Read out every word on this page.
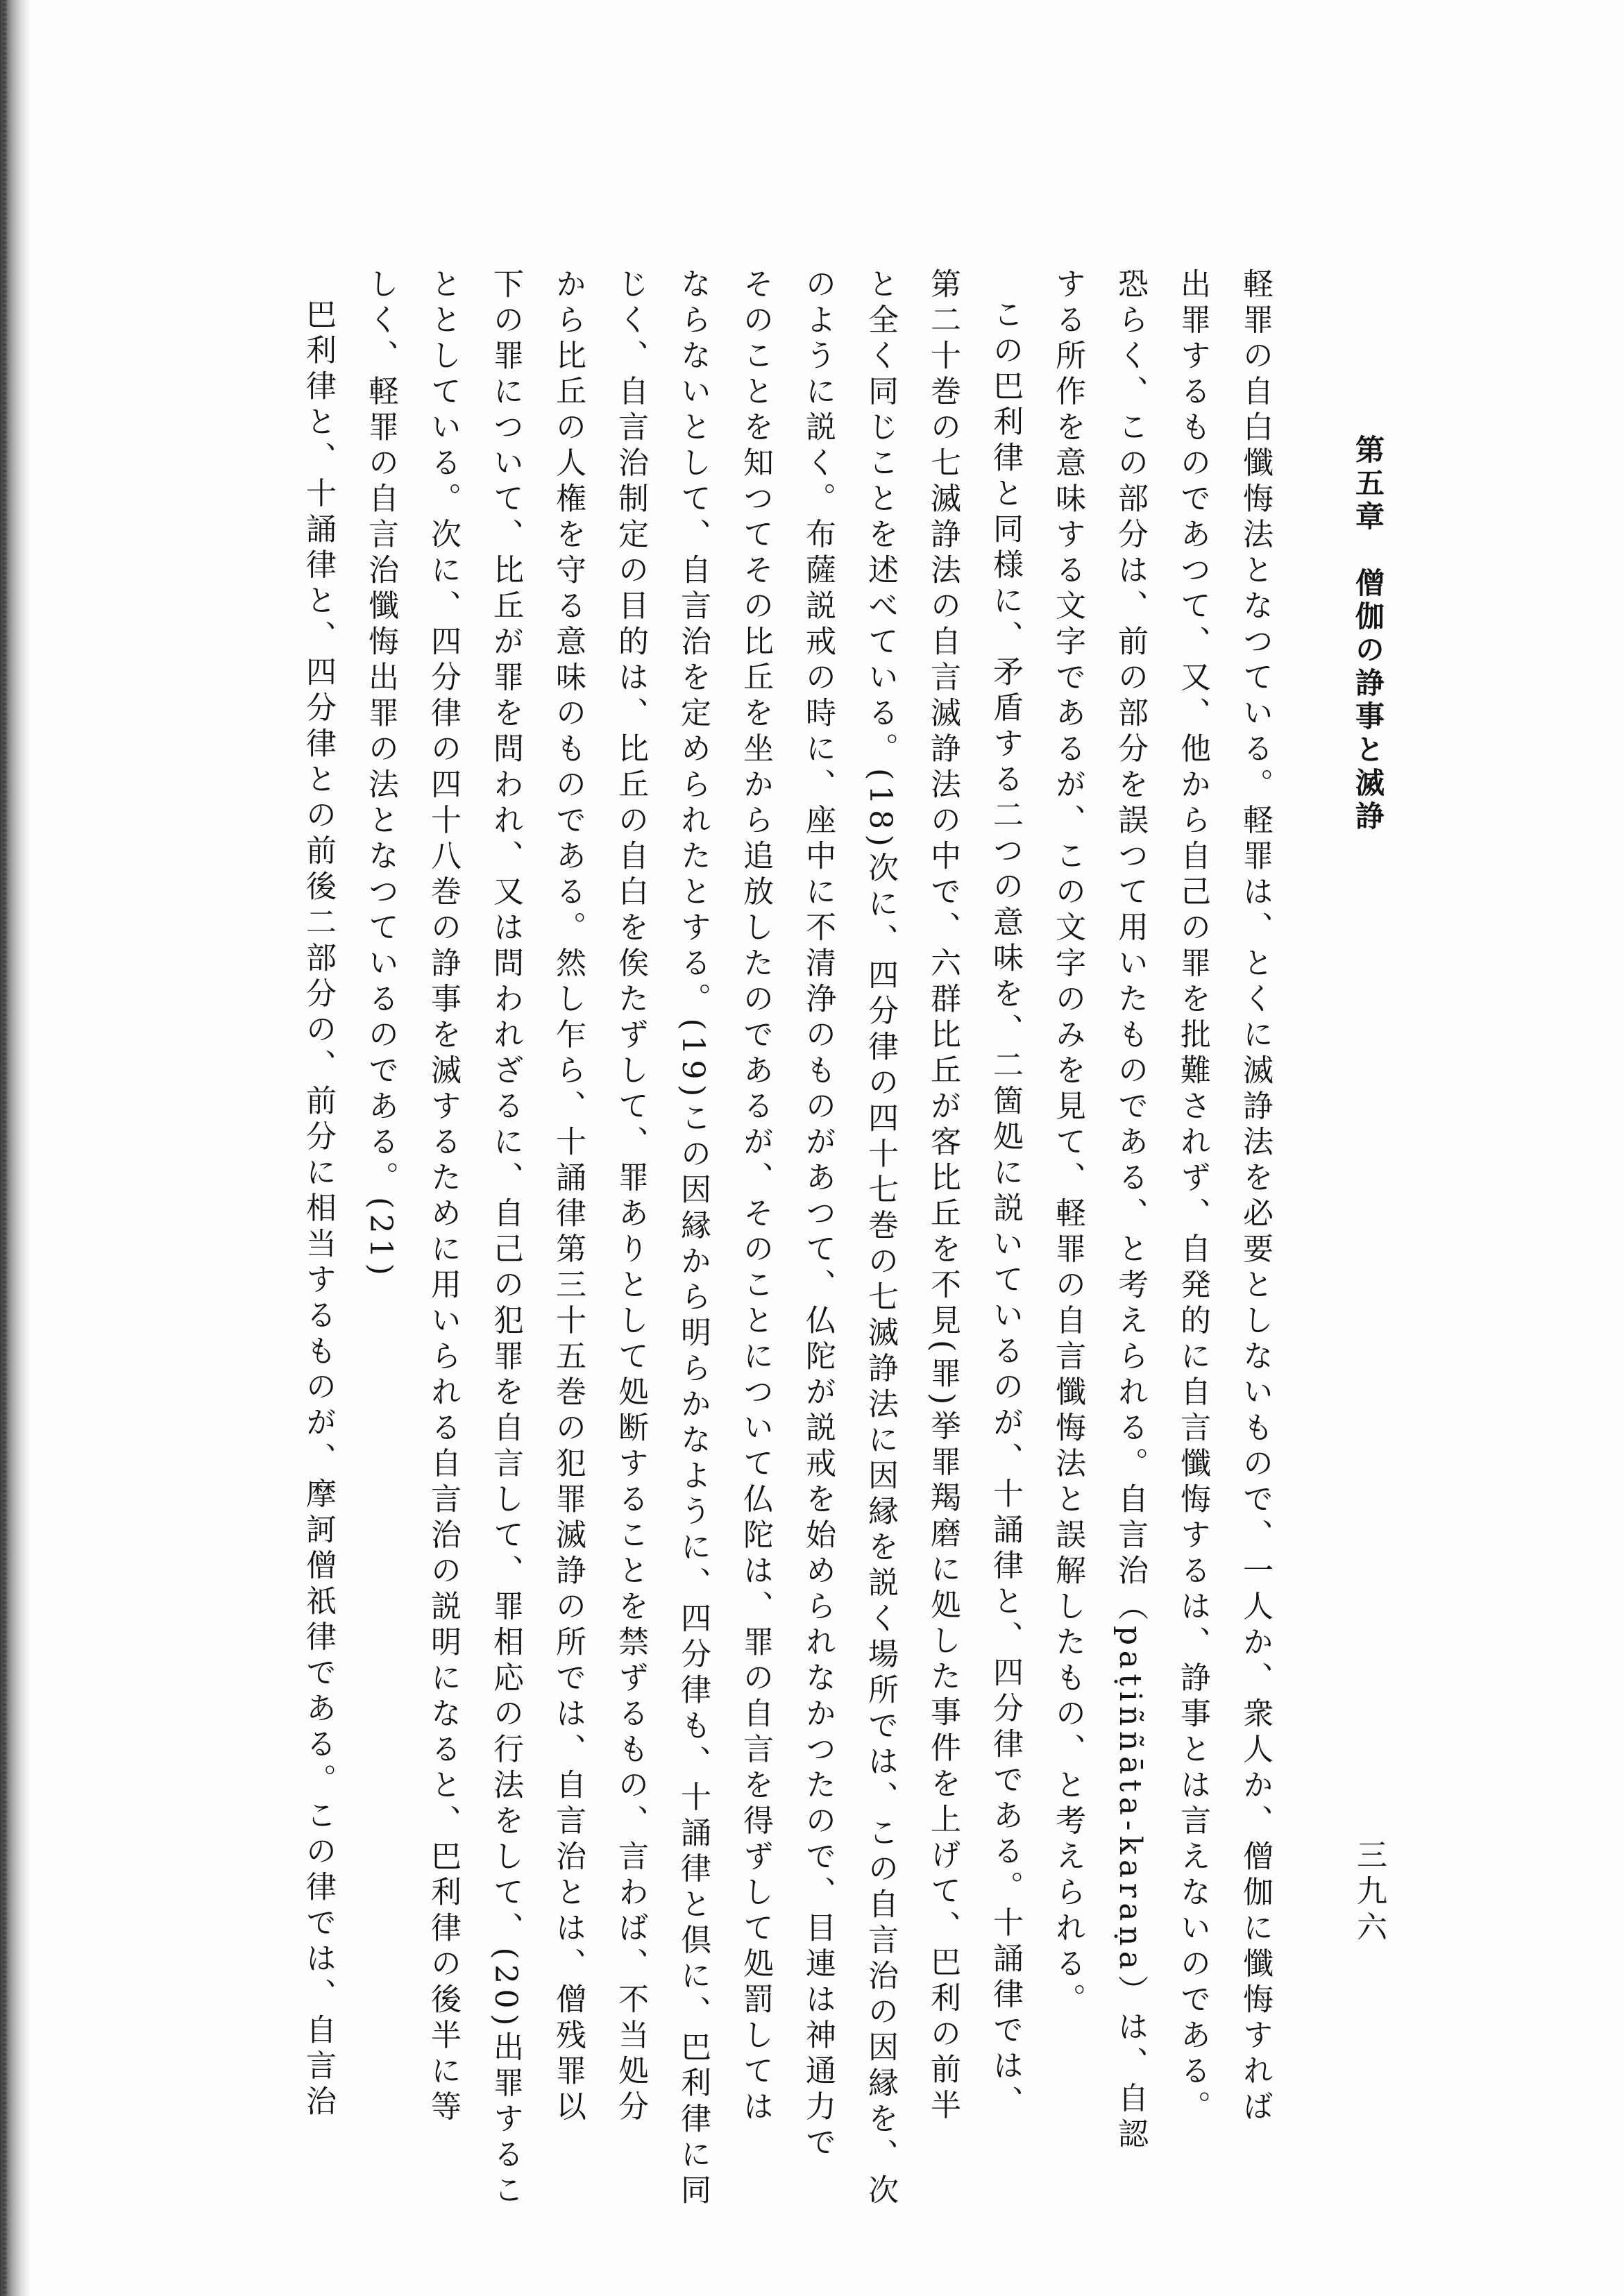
三九六

第五章　僧伽の諍事と滅諍

軽罪の自白懺悔法となつている。軽罪は、とくに滅諍法を必要としないもので、一人か、衆人か、僧伽に懺悔すれば

出罪するものであつて、又、他から自己の罪を批難されず、自発的に自言懺悔するは、諍事とは言えないのである。

恐らく、この部分は、前の部分を誤つて用いたものである、と考えられる。自言治（paṭiññāta-karaṇa）は、自認

する所作を意味する文字であるが、この文字のみを見て、軽罪の自言懺悔法と誤解したもの、と考えられる。

この巴利律と同様に、矛盾する二つの意味を、二箇処に説いているのが、十誦律と、四分律である。十誦律では、

第二十巻の七滅諍法の自言滅諍法の中で、六群比丘が客比丘を不見(罪)挙罪羯磨に処した事件を上げて、巴利の前半

と全く同じことを述べている。(18)次に、四分律の四十七巻の七滅諍法に因縁を説く場所では、この自言治の因縁を、次

のように説く。布薩説戒の時に、座中に不清浄のものがあつて、仏陀が説戒を始められなかつたので、目連は神通力で

そのことを知つてその比丘を坐から追放したのであるが、そのことについて仏陀は、罪の自言を得ずして処罰しては

ならないとして、自言治を定められたとする。(19)この因縁から明らかなように、四分律も、十誦律と倶に、巴利律に同

じく、自言治制定の目的は、比丘の自白を俟たずして、罪ありとして処断することを禁ずるもの、言わば、不当処分

から比丘の人権を守る意味のものである。然し乍ら、十誦律第三十五巻の犯罪滅諍の所では、自言治とは、僧残罪以

下の罪について、比丘が罪を問われ、又は問われざるに、自己の犯罪を自言して、罪相応の行法をして、(20)出罪するこ

ととしている。次に、四分律の四十八巻の諍事を滅するために用いられる自言治の説明になると、巴利律の後半に等

しく、軽罪の自言治懺悔出罪の法となつているのである。(21)

巴利律と、十誦律と、四分律との前後二部分の、前分に相当するものが、摩訶僧祇律である。この律では、自言治
